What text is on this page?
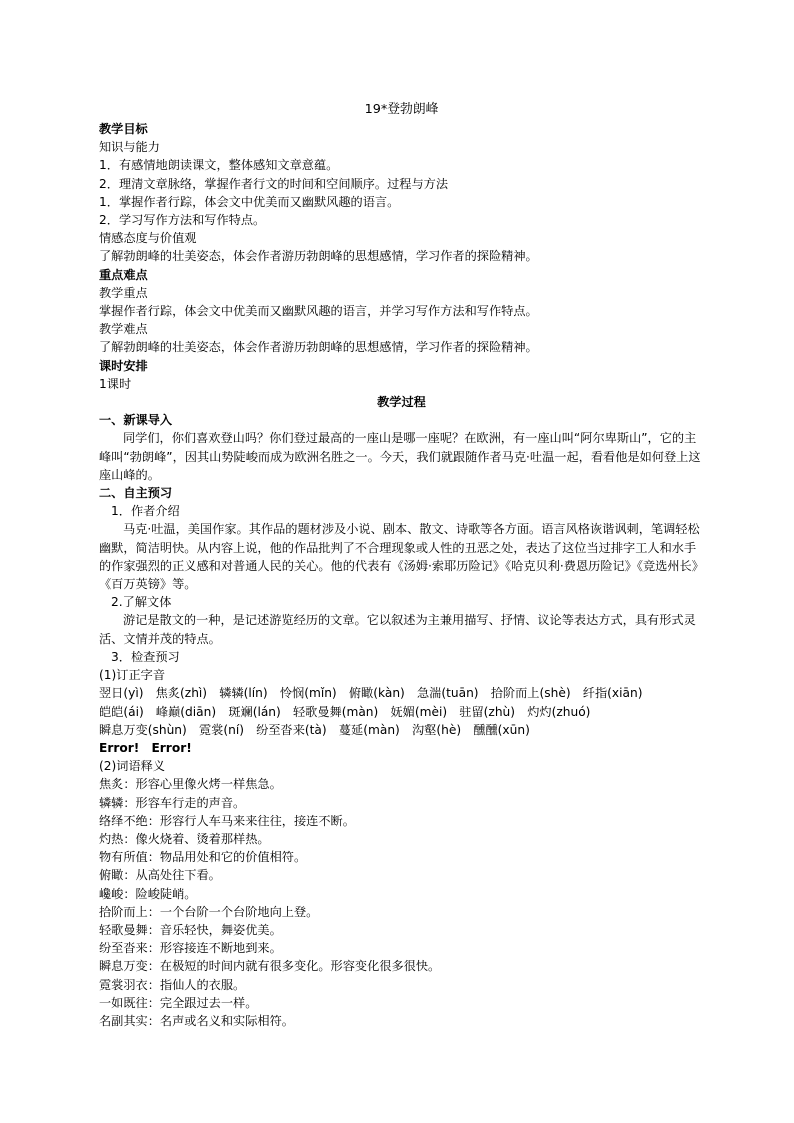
19*登勃朗峰
教学目标
知识与能力
1．有感情地朗读课文，整体感知文章意蕴。
2．理清文章脉络，掌握作者行文的时间和空间顺序。过程与方法
1．掌握作者行踪，体会文中优美而又幽默风趣的语言。
2．学习写作方法和写作特点。
情感态度与价值观
了解勃朗峰的壮美姿态，体会作者游历勃朗峰的思想感情，学习作者的探险精神。
重点难点
教学重点
掌握作者行踪，体会文中优美而又幽默风趣的语言，并学习写作方法和写作特点。
教学难点
了解勃朗峰的壮美姿态，体会作者游历勃朗峰的思想感情，学习作者的探险精神。
课时安排
1课时
教学过程
一、新课导入
同学们，你们喜欢登山吗？你们登过最高的一座山是哪一座呢？在欧洲，有一座山叫“阿尔卑斯山”，它的主峰叫“勃朗峰”，因其山势陡峻而成为欧洲名胜之一。今天，我们就跟随作者马克·吐温一起，看看他是如何登上这座山峰的。
二、自主预习
1．作者介绍
马克·吐温，美国作家。其作品的题材涉及小说、剧本、散文、诗歌等各方面。语言风格诙谐讽刺，笔调轻松幽默，简洁明快。从内容上说，他的作品批判了不合理现象或人性的丑恶之处，表达了这位当过排字工人和水手的作家强烈的正义感和对普通人民的关心。他的代表有《汤姆·索耶历险记》《哈克贝利·费恩历险记》《竞选州长》《百万英镑》等。
2.了解文体
游记是散文的一种，是记述游览经历的文章。它以叙述为主兼用描写、抒情、议论等表达方式，具有形式灵活、文情并茂的特点。
3．检查预习
(1)订正字音
翌日(yì)　焦炙(zhì)　辚辚(lín)　怜悯(mǐn)　俯瞰(kàn)　急湍(tuān)　拾阶而上(shè)　纤指(xiān)
皑皑(ái)　峰巅(diān)　斑斓(lán)　轻歌曼舞(màn)　妩媚(mèi)　驻留(zhù)　灼灼(zhuó)
瞬息万变(shùn)　霓裳(ní)　纷至沓来(tà)　蔓延(màn)　沟壑(hè)　醺醺(xūn)
Error!　Error!
(2)词语释义
焦炙：形容心里像火烤一样焦急。
辚辚：形容车行走的声音。
络绎不绝：形容行人车马来来往往，接连不断。
灼热：像火烧着、烫着那样热。
物有所值：物品用处和它的价值相符。
俯瞰：从高处往下看。
巉峻：险峻陡峭。
拾阶而上：一个台阶一个台阶地向上登。
轻歌曼舞：音乐轻快，舞姿优美。
纷至沓来：形容接连不断地到来。
瞬息万变：在极短的时间内就有很多变化。形容变化很多很快。
霓裳羽衣：指仙人的衣服。
一如既往：完全跟过去一样。
名副其实：名声或名义和实际相符。
